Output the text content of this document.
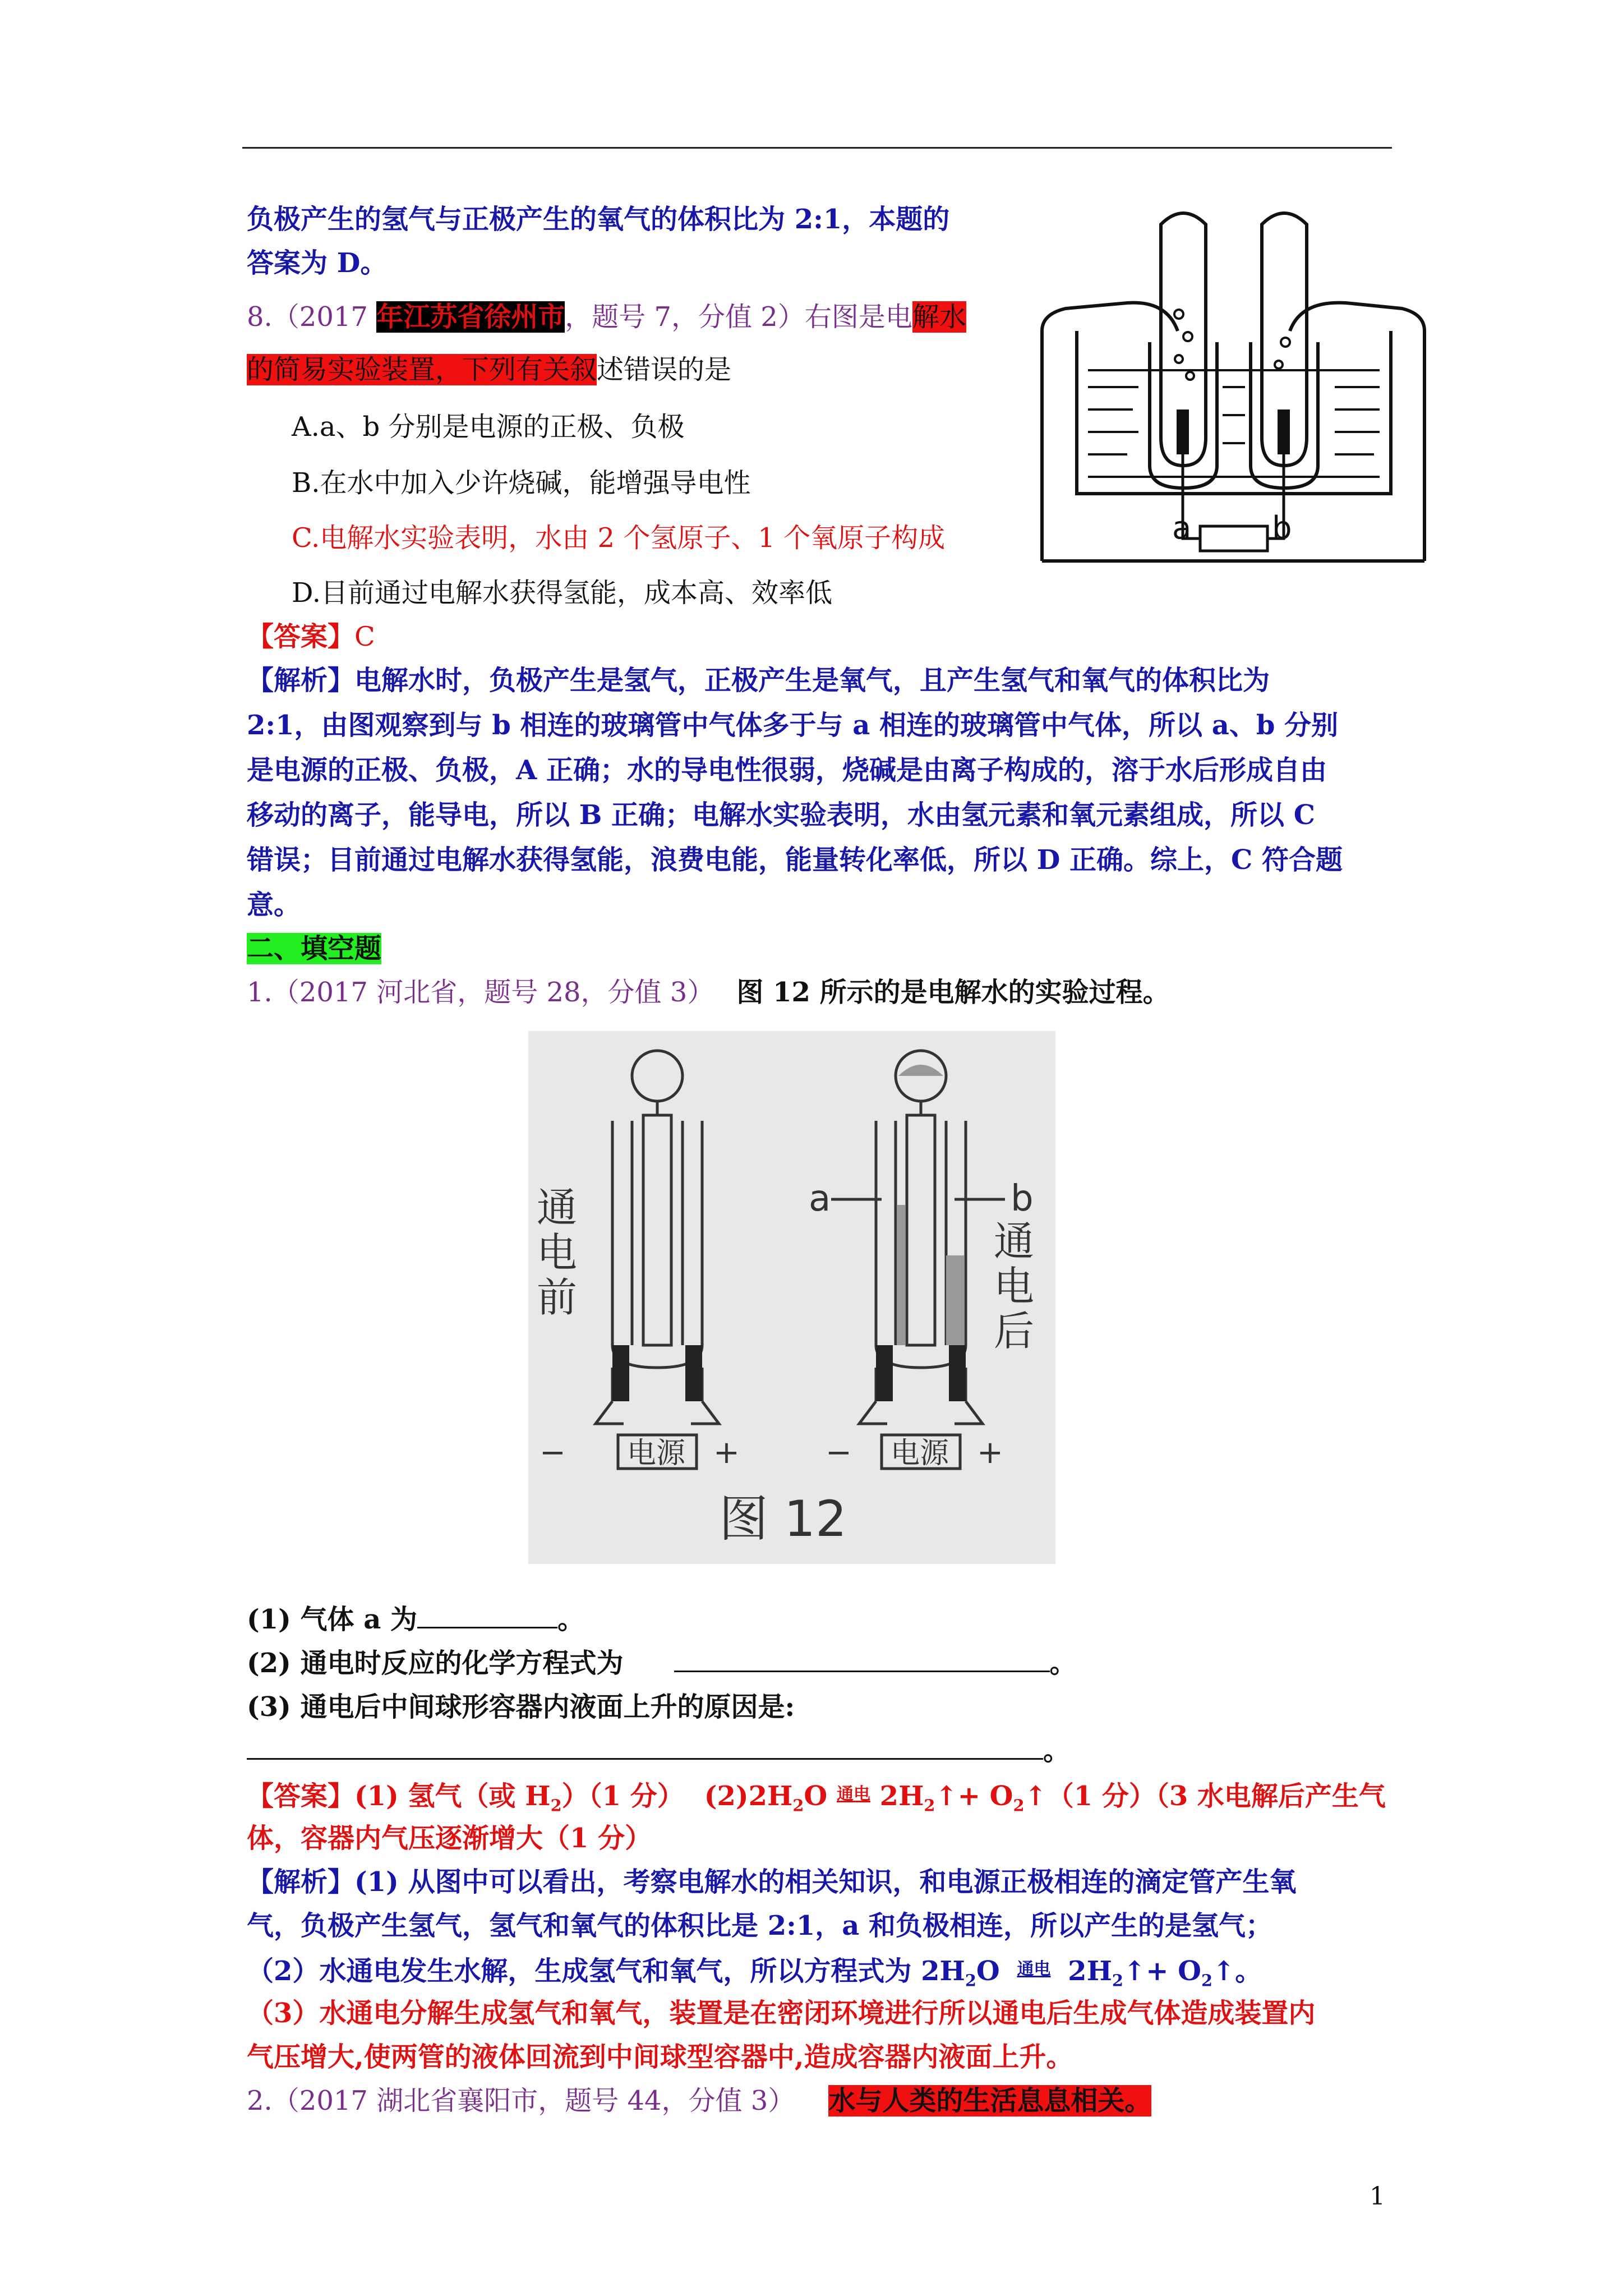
负极产生的氢气与正极产生的氧气的体积比为 2:1，本题的
答案为 D。
8.（2017 年江苏省徐州市，题号 7，分值 2）右图是电解水
的简易实验装置，下列有关叙述错误的是
A.a、b 分别是电源的正极、负极
B.在水中加入少许烧碱，能增强导电性
C.电解水实验表明，水由 2 个氢原子、1 个氧原子构成
D.目前通过电解水获得氢能，成本高、效率低
a	b
【答案】C
【解析】电解水时，负极产生是氢气，正极产生是氧气，且产生氢气和氧气的体积比为
2:1，由图观察到与 b 相连的玻璃管中气体多于与 a 相连的玻璃管中气体，所以 a、b 分别
是电源的正极、负极，A 正确；水的导电性很弱，烧碱是由离子构成的，溶于水后形成自由
移动的离子，能导电，所以 B 正确；电解水实验表明，水由氢元素和氧元素组成，所以 C
错误；目前通过电解水获得氢能，浪费电能，能量转化率低，所以 D 正确。综上，C 符合题
意。
二、填空题
1.（2017 河北省，题号 28，分值 3） 图 12 所示的是电解水的实验过程。
通
电
前
通
电
后
a	b
电源	电源
−	+	−	+
图 12
(1) 气体 a 为	。
(2) 通电时反应的化学方程式为	。
(3) 通电后中间球形容器内液面上升的原因是:
。
【答案】(1) 氢气（或 $H_2)(1$ 分） $(2)2H_2O$ 通电 $2H_2↑+$ $O_2↑(1$ 分）（3 水电解后产生气
体，容器内气压逐渐增大（1 分）
【解析】(1) 从图中可以看出，考察电解水的相关知识，和电源正极相连的滴定管产生氧
气，负极产生氢气，氢气和氧气的体积比是 2:1，a 和负极相连，所以产生的是氢气；
（2）水通电发生水解，生成氢气和氧气，所以方程式为 $2H_2O$ 通电 $2H_2↑+$ $O_2↑$。
（3）水通电分解生成氢气和氧气，装置是在密闭环境进行所以通电后生成气体造成装置内
气压增大,使两管的液体回流到中间球型容器中,造成容器内液面上升。
2.（2017 湖北省襄阳市，题号 44，分值 3） 水与人类的生活息息相关。
1
